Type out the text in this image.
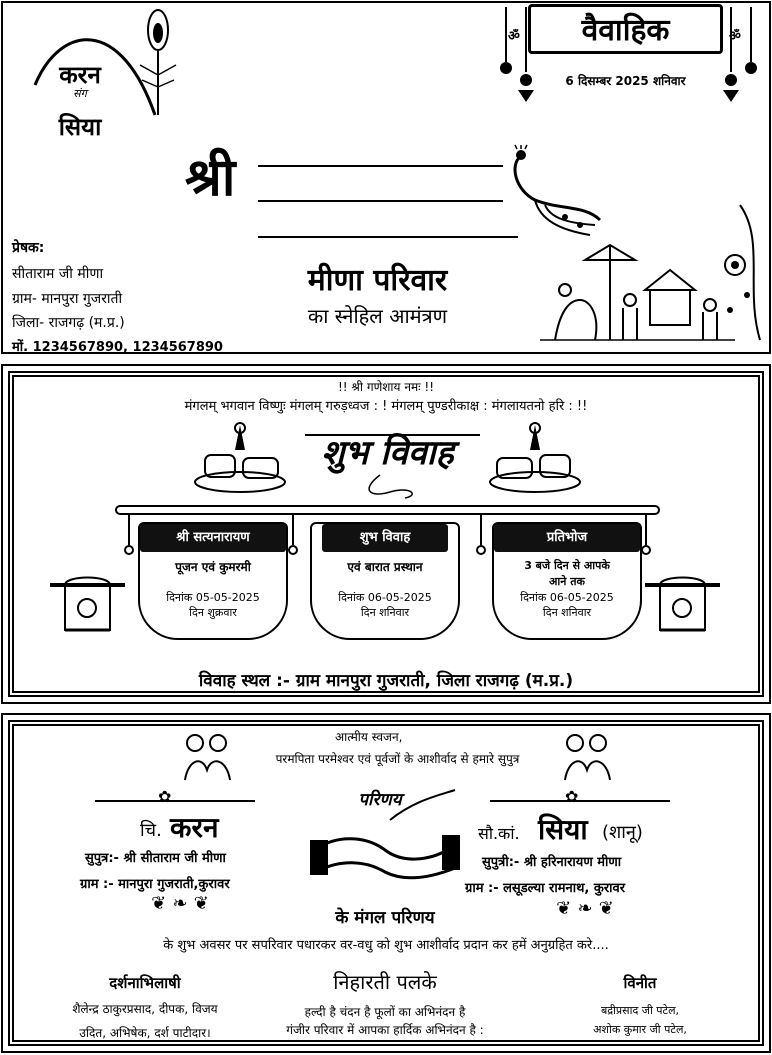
करन
संग
सिया
ॐ	ॐ
वैवाहिक
6 दिसम्बर 2025 शनिवार
श्री
प्रेषक:
सीताराम जी मीणा
ग्राम- मानपुरा गुजराती
जिला- राजगढ़ (म.प्र.)
मों. 1234567890, 1234567890
मीणा परिवार
का स्नेहिल आमंत्रण
!! श्री गणेशाय नमः !!
मंगलम् भगवान विष्णुः मंगलम् गरुड़ध्वज : ! मंगलम् पुण्डरीकाक्ष : मंगलायतनो हरि : !!
शुभ विवाह
श्री सत्यनारायण
पूजन एवं कुमरमी
दिनांक 05-05-2025
दिन शुक्रवार
शुभ विवाह
एवं बारात प्रस्थान
दिनांक 06-05-2025
दिन शनिवार
प्रतिभोज
3 बजे दिन से आपके
आने तक
दिनांक 06-05-2025
दिन शनिवार
विवाह स्थल :- ग्राम मानपुरा गुजराती, जिला राजगढ़ (म.प्र.)
आत्मीय स्वजन,
परमपिता परमेश्वर एवं पूर्वजों के आशीर्वाद से हमारे सुपुत्र
परिणय
✿
चि. करन
सुपुत्र:- श्री सीताराम जी मीणा
ग्राम :- मानपुरा गुजराती,कुरावर
❦ ❧ ❦
✿
सौ.कां. सिया (शानू)
सुपुत्री:- श्री हरिनारायण मीणा
ग्राम :- लसूडल्या रामनाथ, कुरावर
❦ ❧ ❦
के मंगल परिणय
के शुभ अवसर पर सपरिवार पधारकर वर-वधु को शुभ आशीर्वाद प्रदान कर हमें अनुग्रहित करे....
दर्शनाभिलाषी
शैलेन्द्र ठाकुरप्रसाद, दीपक, विजय
उदित, अभिषेक, दर्श पाटीदार।
निहारती पलके
हल्दी है चंदन है फूलों का अभिनंदन है
गंजीर परिवार में आपका हार्दिक अभिनंदन है :
विनीत
बद्रीप्रसाद जी पटेल,
अशोक कुमार जी पटेल,
